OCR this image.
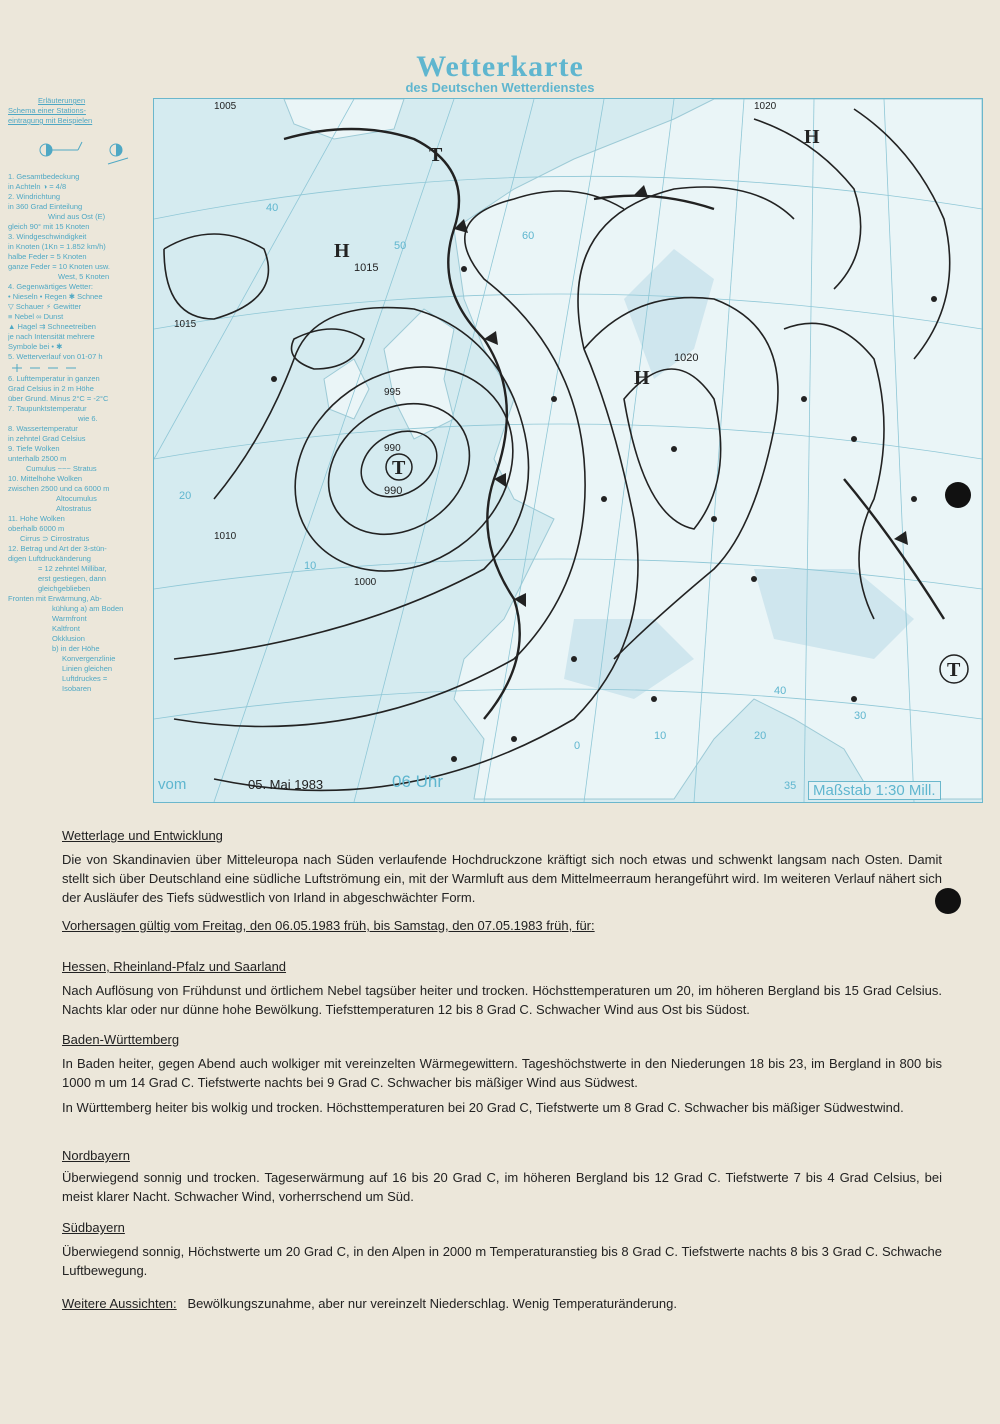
Wetterkarte
des Deutschen Wetterdienstes
Erläuterungen
Schema einer Stations-
eintragung mit Beispielen
1. Gesamtbedeckung
in Achteln ◑ = 4/8
2. Windrichtung
in 360 Grad Einteilung
Wind aus Ost (E)
gleich 90° mit 15 Knoten
3. Windgeschwindigkeit
in Knoten (1Kn = 1.852 km/h)
halbe Feder = 5 Knoten
ganze Feder = 10 Knoten usw.
West, 5 Knoten
4. Gegenwärtiges Wetter:
• Nieseln • Regen ✱ Schnee
▽ Schauer ⚡ Gewitter
≡ Nebel ∞ Dunst
▲ Hagel ⇉ Schneetreiben
je nach Intensität mehrere
Symbole bei • ✱
5. Wetterverlauf von 01-07 h
6. Lufttemperatur in ganzen
Grad Celsius in 2 m Höhe
über Grund. Minus 2°C = -2°C
7. Taupunktstemperatur
wie 6.
8. Wassertemperatur
in zehntel Grad Celsius
9. Tiefe Wolken
unterhalb 2500 m
Cumulus ~~~ Stratus
10. Mittelhohe Wolken
zwischen 2500 und ca 6000 m
Altocumulus
Altostratus
11. Hohe Wolken
oberhalb 6000 m
Cirrus ⊃ Cirrostratus
12. Betrag und Art der 3-stün-
digen Luftdruckänderung
= 12 zehntel Millibar,
erst gestiegen, dann
gleichgeblieben
Fronten mit Erwärmung, Ab-
kühlung a) am Boden
Warmfront
Kaltfront
Okklusion
b) in der Höhe
Konvergenzlinie
Linien gleichen
Luftdruckes =
Isobaren
T
990
H
1015
H
1020
T
H
T
1005
1010
1015
1000
995
990
1020
40
50
60
20
10
0
10	20
30
40
35
vom	05. Mai 1983	06 Uhr	Maßstab 1:30 Mill.
Wetterlage und Entwicklung
Die von Skandinavien über Mitteleuropa nach Süden verlaufende Hochdruckzone kräftigt sich noch etwas und schwenkt langsam nach Osten. Damit stellt sich über Deutschland eine südliche Luftströmung ein, mit der Warmluft aus dem Mittelmeerraum herangeführt wird. Im weiteren Verlauf nähert sich der Ausläufer des Tiefs südwestlich von Irland in abgeschwächter Form.
Vorhersagen gültig vom Freitag, den 06.05.1983 früh, bis Samstag, den 07.05.1983 früh, für:
Hessen, Rheinland-Pfalz und Saarland
Nach Auflösung von Frühdunst und örtlichem Nebel tagsüber heiter und trocken. Höchsttemperaturen um 20, im höheren Bergland bis 15 Grad Celsius. Nachts klar oder nur dünne hohe Bewölkung. Tiefsttemperaturen 12 bis 8 Grad C. Schwacher Wind aus Ost bis Südost.
Baden-Württemberg
In Baden heiter, gegen Abend auch wolkiger mit vereinzelten Wärmegewittern. Tageshöchstwerte in den Niederungen 18 bis 23, im Bergland in 800 bis 1000 m um 14 Grad C. Tiefstwerte nachts bei 9 Grad C. Schwacher bis mäßiger Wind aus Südwest.
In Württemberg heiter bis wolkig und trocken. Höchsttemperaturen bei 20 Grad C, Tiefstwerte um 8 Grad C. Schwacher bis mäßiger Südwestwind.
Nordbayern
Überwiegend sonnig und trocken. Tageserwärmung auf 16 bis 20 Grad C, im höheren Bergland bis 12 Grad C. Tiefstwerte 7 bis 4 Grad Celsius, bei meist klarer Nacht. Schwacher Wind, vorherrschend um Süd.
Südbayern
Überwiegend sonnig, Höchstwerte um 20 Grad C, in den Alpen in 2000 m Temperaturanstieg bis 8 Grad C. Tiefstwerte nachts 8 bis 3 Grad C. Schwache Luftbewegung.
Weitere Aussichten: Bewölkungszunahme, aber nur vereinzelt Niederschlag. Wenig Temperaturänderung.
